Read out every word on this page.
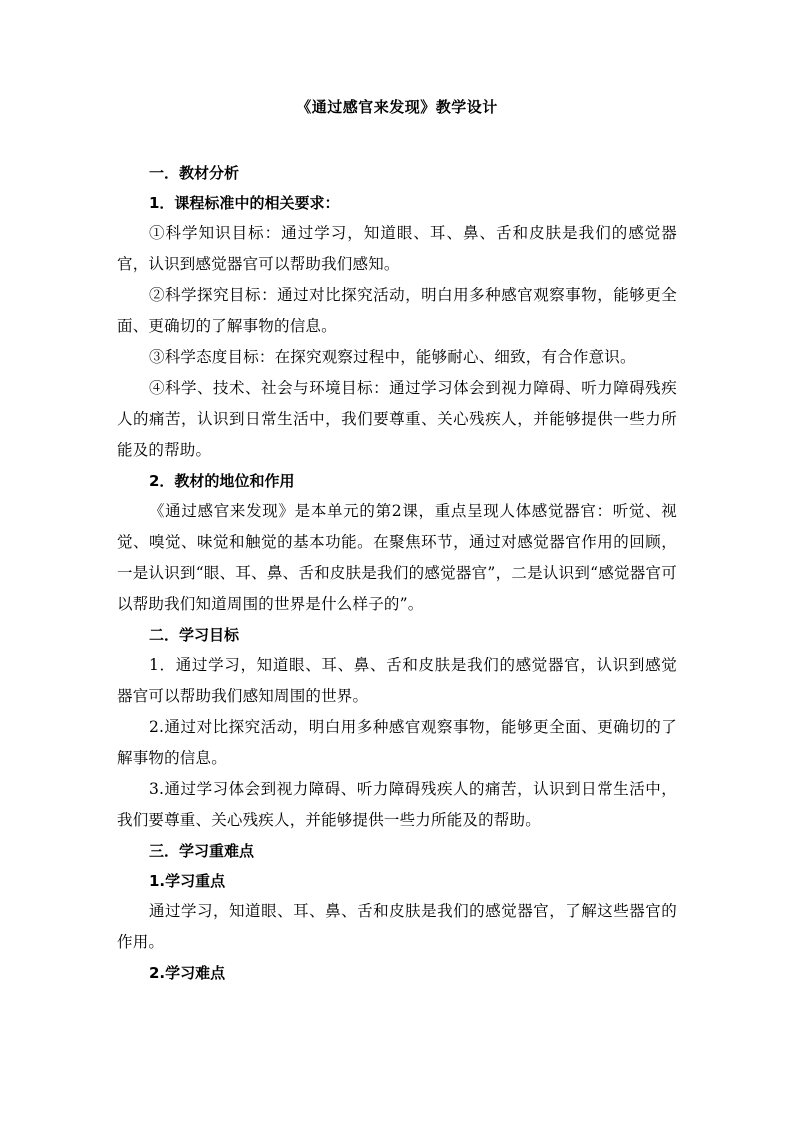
《通过感官来发现》教学设计
一．教材分析
1．课程标准中的相关要求：

①科学知识目标：通过学习，知道眼、耳、鼻、舌和皮肤是我们的感觉器官，认识到感觉器官可以帮助我们感知。

②科学探究目标：通过对比探究活动，明白用多种感官观察事物，能够更全面、更确切的了解事物的信息。

③科学态度目标：在探究观察过程中，能够耐心、细致，有合作意识。

④科学、技术、社会与环境目标：通过学习体会到视力障碍、听力障碍残疾人的痛苦，认识到日常生活中，我们要尊重、关心残疾人，并能够提供一些力所能及的帮助。

2．教材的地位和作用

《通过感官来发现》是本单元的第2课，重点呈现人体感觉器官：听觉、视觉、嗅觉、味觉和触觉的基本功能。在聚焦环节，通过对感觉器官作用的回顾，一是认识到“眼、耳、鼻、舌和皮肤是我们的感觉器官”，二是认识到“感觉器官可以帮助我们知道周围的世界是什么样子的”。

二．学习目标

1．通过学习，知道眼、耳、鼻、舌和皮肤是我们的感觉器官，认识到感觉器官可以帮助我们感知周围的世界。

2.通过对比探究活动，明白用多种感官观察事物，能够更全面、更确切的了解事物的信息。

3.通过学习体会到视力障碍、听力障碍残疾人的痛苦，认识到日常生活中，我们要尊重、关心残疾人，并能够提供一些力所能及的帮助。

三．学习重难点
1.学习重点

通过学习，知道眼、耳、鼻、舌和皮肤是我们的感觉器官，了解这些器官的作用。

2.学习难点
